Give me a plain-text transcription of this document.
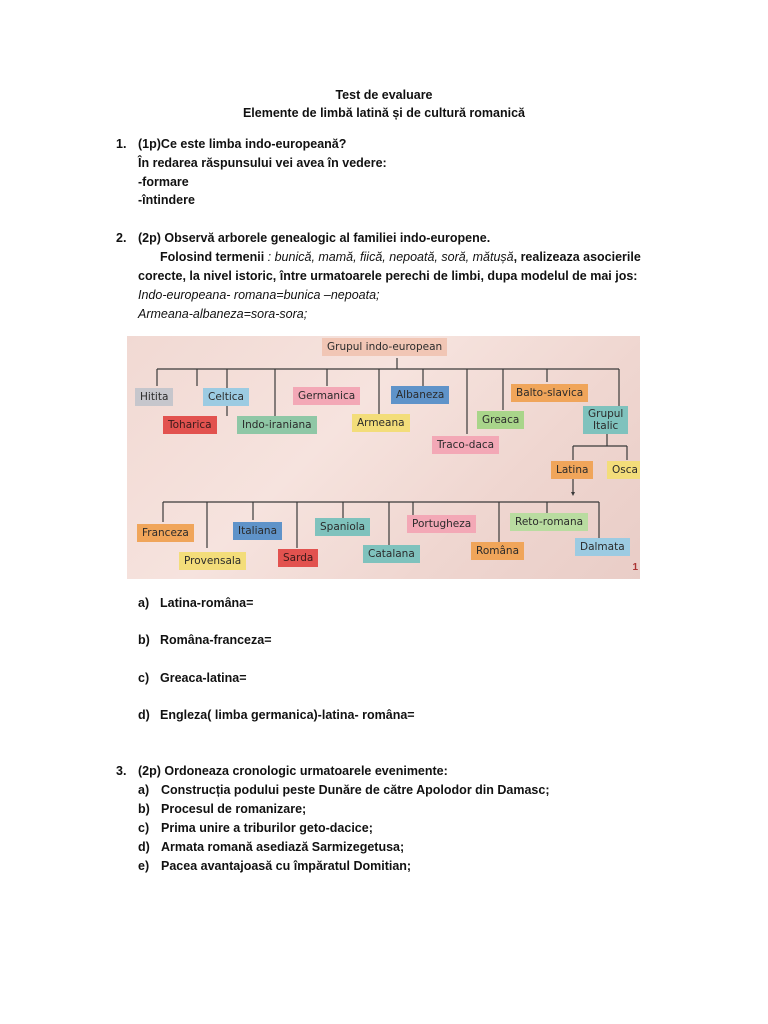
Test de evaluare
Elemente de limbă latină și de cultură romanică
1. (1p)Ce este limba indo-europeană?
În redarea răspunsului vei avea în vedere:
-formare
-întindere
2. (2p) Observă arborele genealogic al familiei indo-europene.
Folosind termenii : bunică, mamă, fiică, nepoată, soră, mătușă, realizeaza asocierile
corecte, la nivel istoric, între urmatoarele perechi de limbi, dupa modelul de mai jos:
Indo-europeana- romana=bunica –nepoata;
Armeana-albaneza=sora-sora;
Grupul indo-european
Hitita	Celtica	Germanica	Albaneza	Balto-slavica
Toharica	Indo-iraniana	Armeana	Greaca	Grupul
Italic
Traco-daca
Latina	Osca
Franceza	Italiana	Spaniola	Portugheza	Reto-romana
Provensala	Sarda	Catalana	Româna	Dalmata
1
a) Latina-româna=
b) Româna-franceza=
c) Greaca-latina=
d) Engleza( limba germanica)-latina- româna=
3. (2p) Ordoneaza cronologic urmatoarele evenimente:
a) Construcția podului peste Dunăre de către Apolodor din Damasc;
b) Procesul de romanizare;
c) Prima unire a triburilor geto-dacice;
d) Armata romană asediază Sarmizegetusa;
e) Pacea avantajoasă cu împăratul Domitian;
